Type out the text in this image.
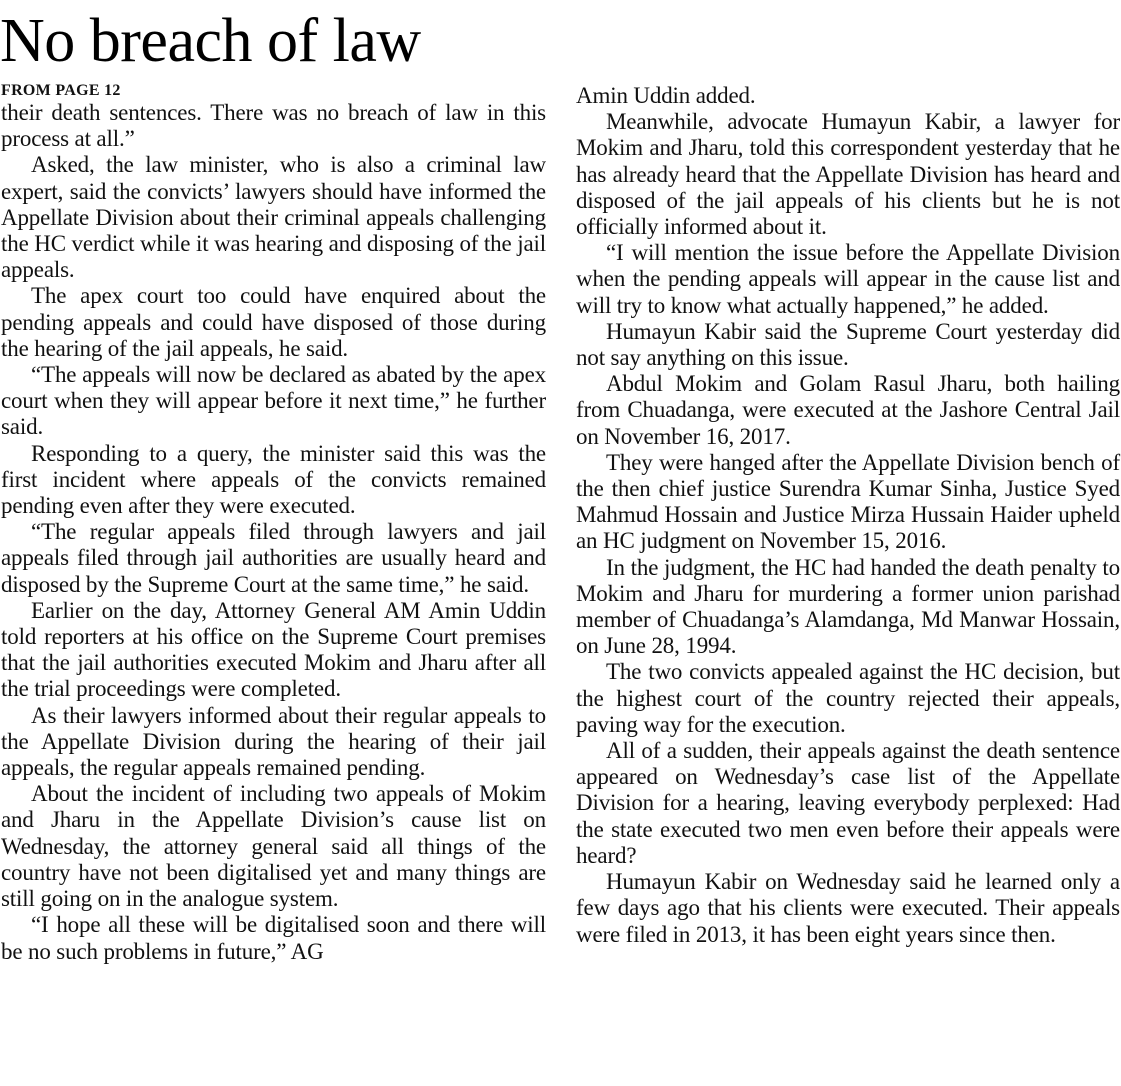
No breach of law
FROM PAGE 12

their death sentences. There was no breach of law in this process at all.”

Asked, the law minister, who is also a criminal law expert, said the convicts’ lawyers should have informed the Appellate Division about their criminal appeals challenging the HC verdict while it was hearing and disposing of the jail appeals.

The apex court too could have enquired about the pending appeals and could have disposed of those during the hearing of the jail appeals, he said.

“The appeals will now be declared as abated by the apex court when they will appear before it next time,” he further said.

Responding to a query, the minister said this was the first incident where appeals of the convicts remained pending even after they were executed.

“The regular appeals filed through lawyers and jail appeals filed through jail authorities are usually heard and disposed by the Supreme Court at the same time,” he said.

Earlier on the day, Attorney General AM Amin Uddin told reporters at his office on the Supreme Court premises that the jail authorities executed Mokim and Jharu after all the trial proceedings were completed.

As their lawyers informed about their regular appeals to the Appellate Division during the hearing of their jail appeals, the regular appeals remained pending.

About the incident of including two appeals of Mokim and Jharu in the Appellate Division’s cause list on Wednesday, the attorney general said all things of the country have not been digitalised yet and many things are still going on in the analogue system.

“I hope all these will be digitalised soon and there will be no such problems in future,” AG

Amin Uddin added.

Meanwhile, advocate Humayun Kabir, a lawyer for Mokim and Jharu, told this correspondent yesterday that he has already heard that the Appellate Division has heard and disposed of the jail appeals of his clients but he is not officially informed about it.

“I will mention the issue before the Appellate Division when the pending appeals will appear in the cause list and will try to know what actually happened,” he added.

Humayun Kabir said the Supreme Court yesterday did not say anything on this issue.

Abdul Mokim and Golam Rasul Jharu, both hailing from Chuadanga, were executed at the Jashore Central Jail on November 16, 2017.

They were hanged after the Appellate Division bench of the then chief justice Surendra Kumar Sinha, Justice Syed Mahmud Hossain and Justice Mirza Hussain Haider upheld an HC judgment on November 15, 2016.

In the judgment, the HC had handed the death penalty to Mokim and Jharu for murdering a former union parishad member of Chuadanga’s Alamdanga, Md Manwar Hossain, on June 28, 1994.

The two convicts appealed against the HC decision, but the highest court of the country rejected their appeals, paving way for the execution.

All of a sudden, their appeals against the death sentence appeared on Wednesday’s case list of the Appellate Division for a hearing, leaving everybody perplexed: Had the state executed two men even before their appeals were heard?

Humayun Kabir on Wednesday said he learned only a few days ago that his clients were executed. Their appeals were filed in 2013, it has been eight years since then.
